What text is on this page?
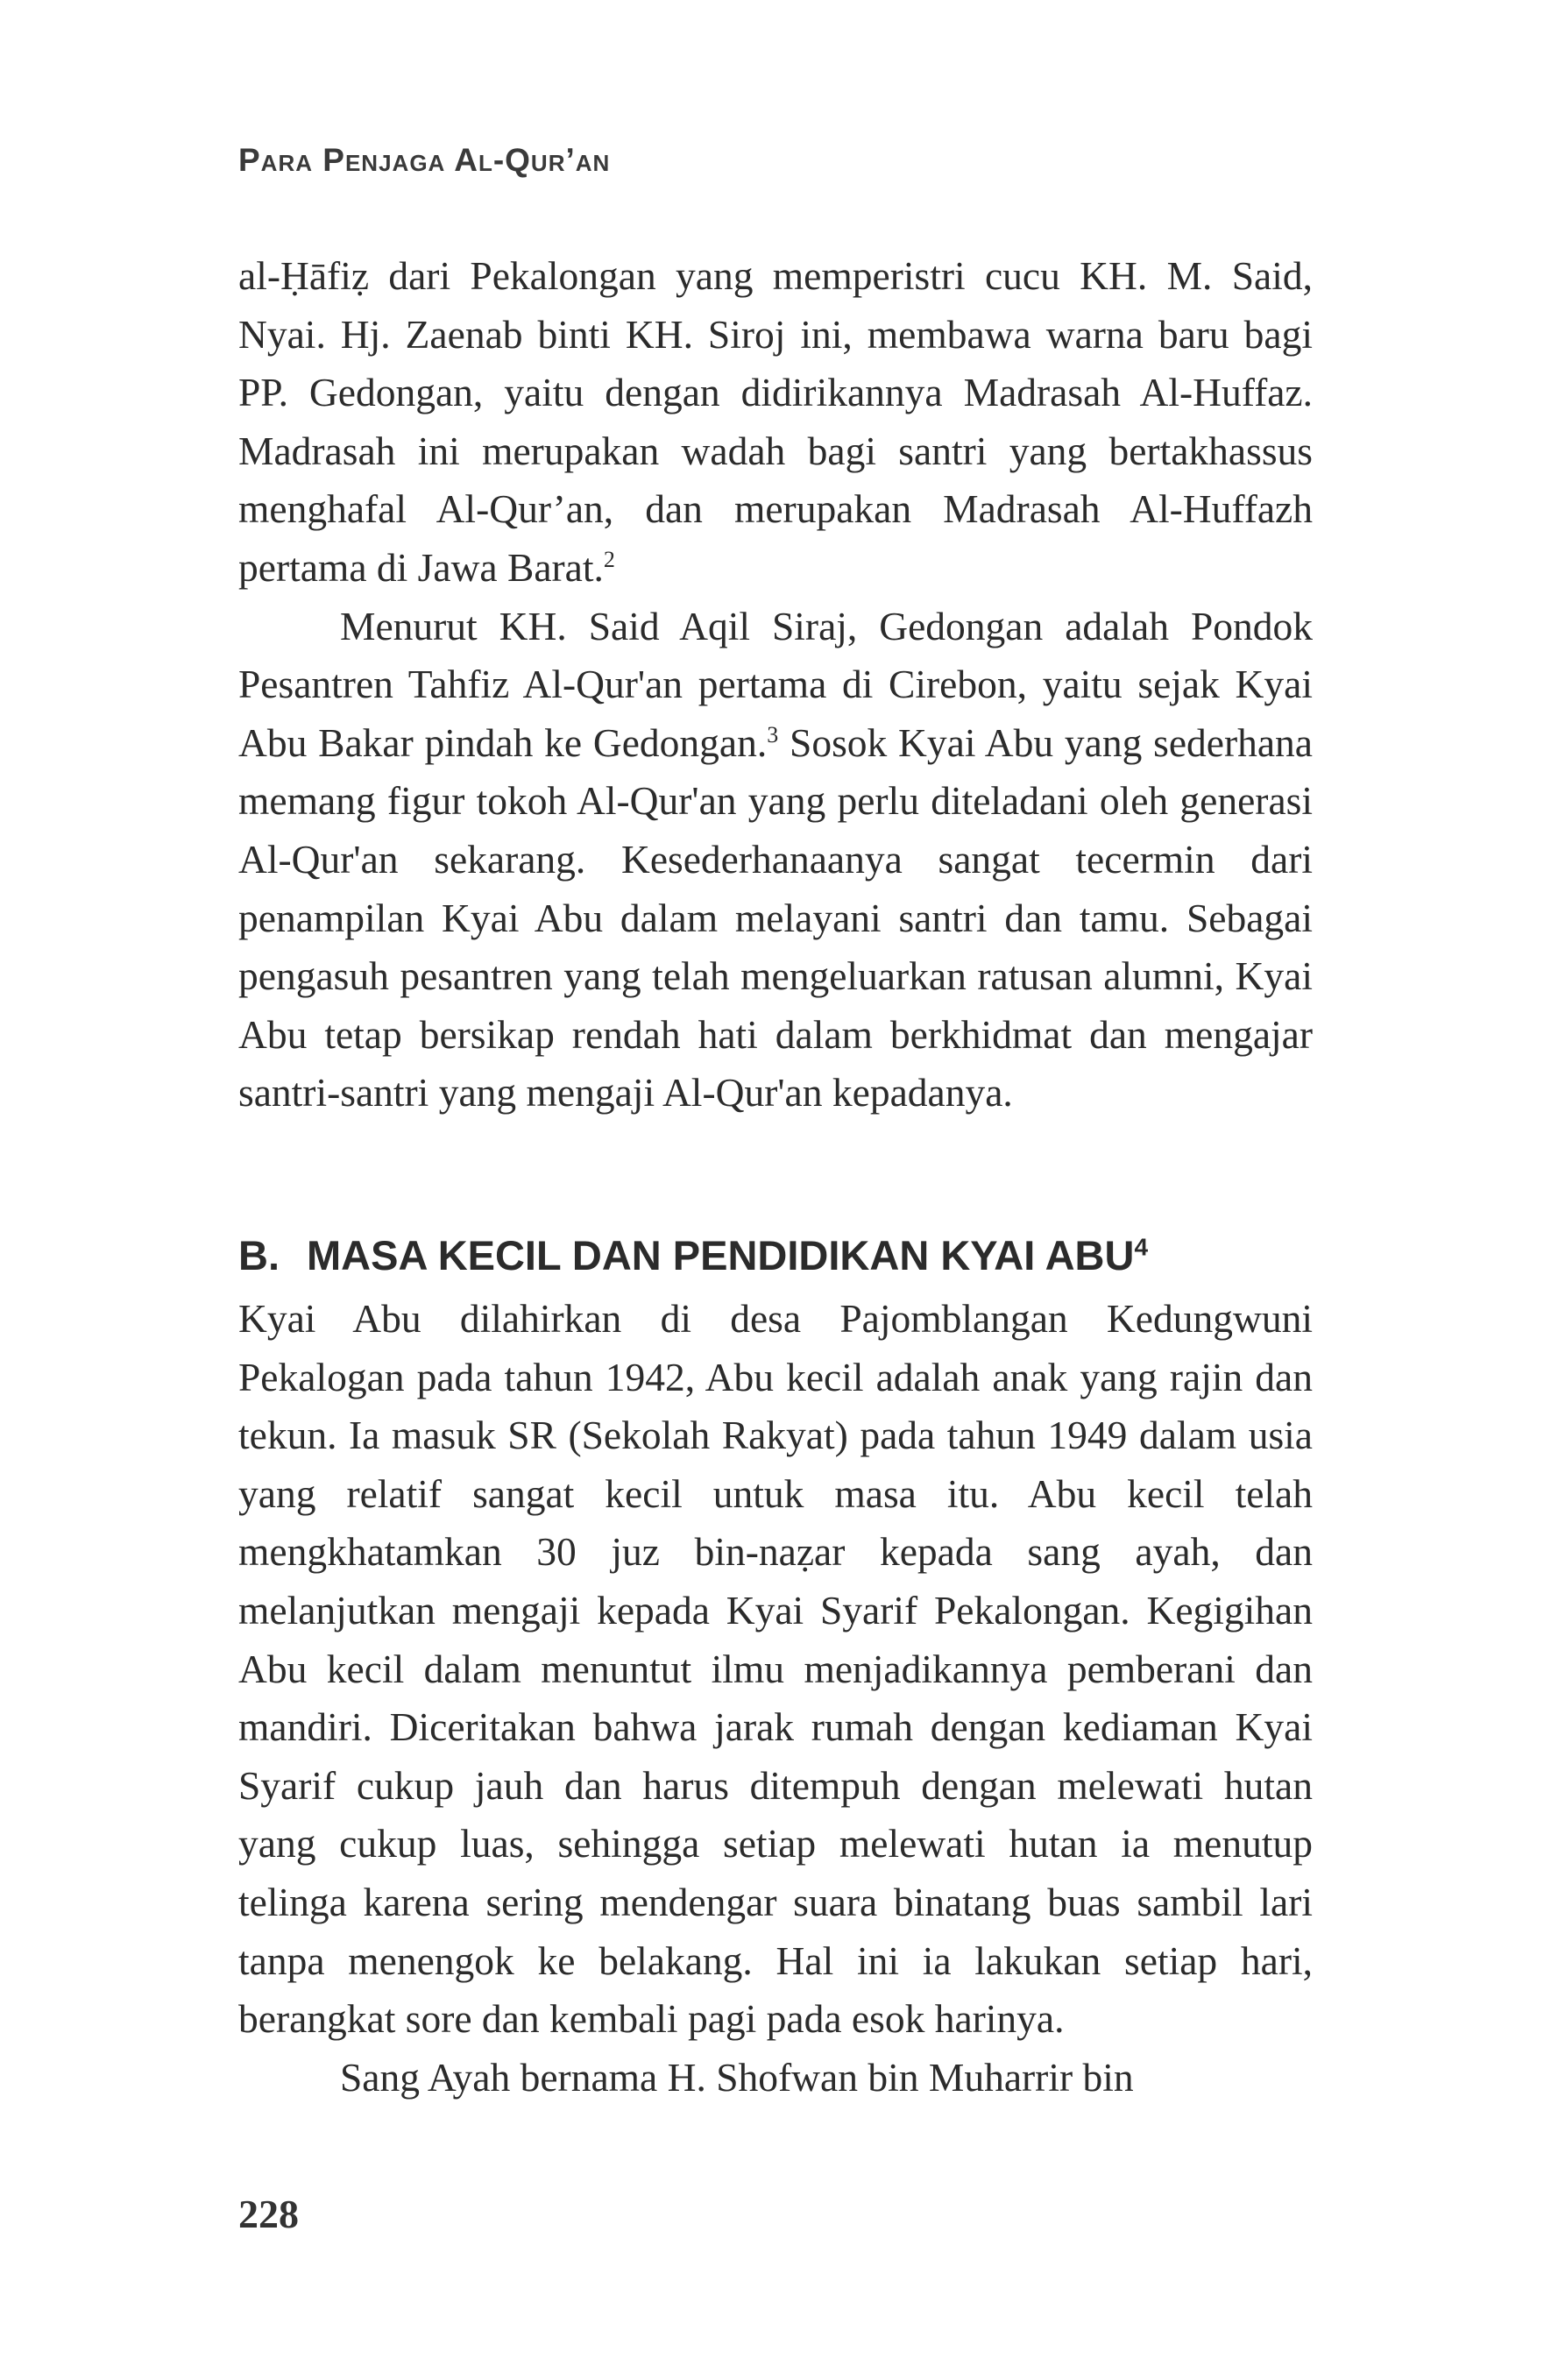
Para Penjaga Al-Qur’an

al-Ḥāfiẓ dari Pekalongan yang memperistri cucu KH. M. Said, Nyai. Hj. Zaenab binti KH. Siroj ini, membawa warna baru bagi PP. Gedongan, yaitu dengan didirikannya Madrasah Al-Huffaz. Madrasah ini merupakan wadah bagi santri yang bertakhassus menghafal Al-Qur’an, dan merupakan Madrasah Al-Huffazh pertama di Jawa Barat.$^2$

Menurut KH. Said Aqil Siraj, Gedongan adalah Pondok Pesantren Tahfiz Al-Qur'an pertama di Cirebon, yaitu sejak Kyai Abu Bakar pindah ke Gedongan.$^3$ Sosok Kyai Abu yang sederhana memang figur tokoh Al-Qur'an yang perlu diteladani oleh generasi Al-Qur'an sekarang. Kesederhanaanya sangat tecermin dari penampilan Kyai Abu dalam melayani santri dan tamu. Sebagai pengasuh pesantren yang telah mengeluarkan ratusan alumni, Kyai Abu tetap bersikap rendah hati dalam berkhidmat dan mengajar santri-santri yang mengaji Al-Qur'an kepadanya.

B. MASA KECIL DAN PENDIDIKAN KYAI ABU$^4$

Kyai Abu dilahirkan di desa Pajomblangan Kedungwuni Pekalogan pada tahun 1942, Abu kecil adalah anak yang rajin dan tekun. Ia masuk SR (Sekolah Rakyat) pada tahun 1949 dalam usia yang relatif sangat kecil untuk masa itu. Abu kecil telah mengkhatamkan 30 juz bin-naẓar kepada sang ayah, dan melanjutkan mengaji kepada Kyai Syarif Pekalongan. Kegigihan Abu kecil dalam menuntut ilmu menjadikannya pemberani dan mandiri. Diceritakan bahwa jarak rumah dengan kediaman Kyai Syarif cukup jauh dan harus ditempuh dengan melewati hutan yang cukup luas, sehingga setiap melewati hutan ia menutup telinga karena sering mendengar suara binatang buas sambil lari tanpa menengok ke belakang. Hal ini ia lakukan setiap hari, berangkat sore dan kembali pagi pada esok harinya.

Sang Ayah bernama H. Shofwan bin Muharrir bin

228
